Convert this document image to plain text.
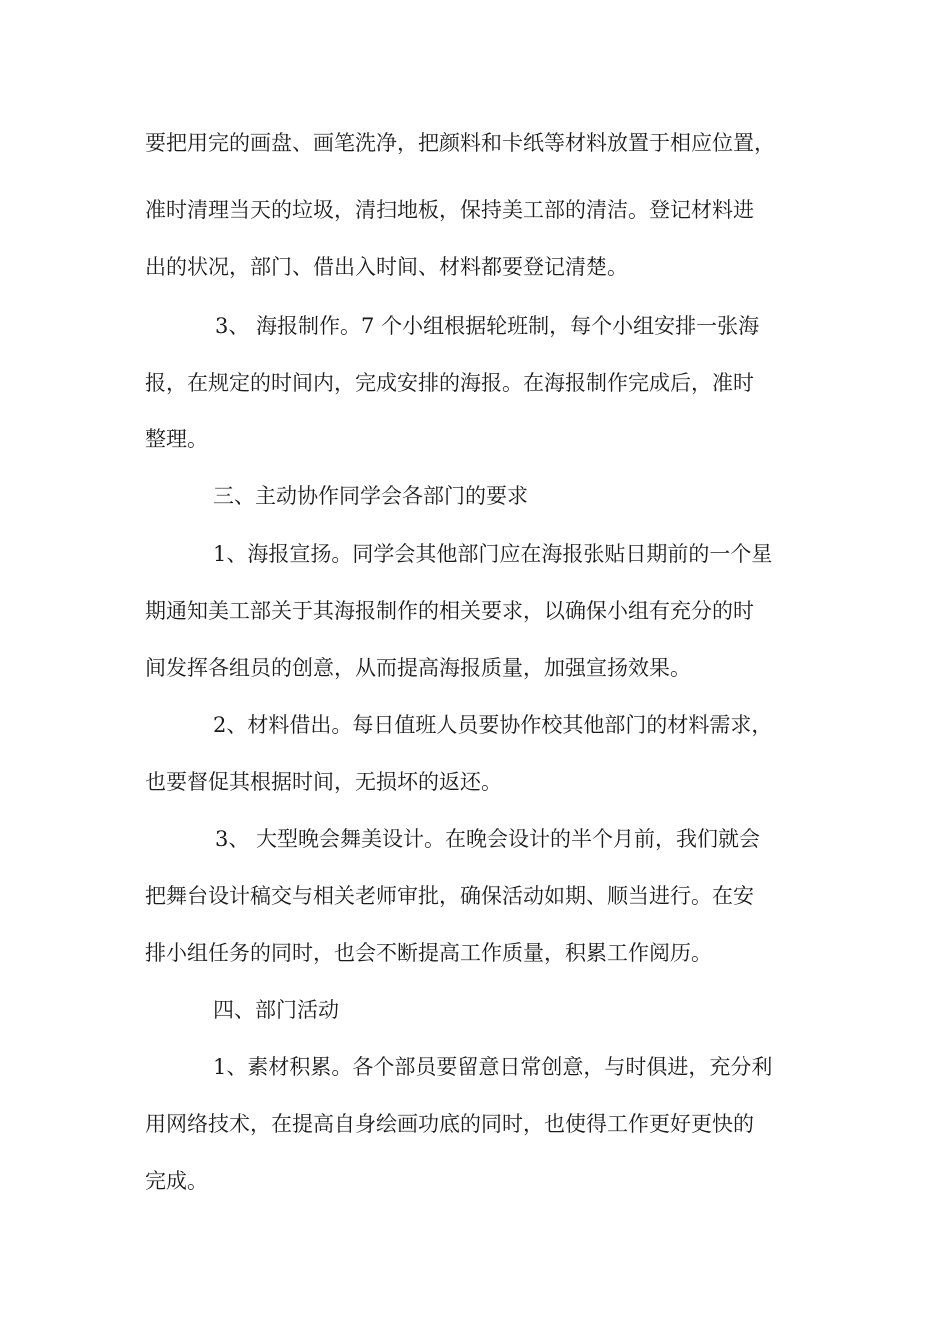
要把用完的画盘、画笔洗净，把颜料和卡纸等材料放置于相应位置，
准时清理当天的垃圾，清扫地板，保持美工部的清洁。登记材料进
出的状况，部门、借出入时间、材料都要登记清楚。
3、 海报制作。7 个小组根据轮班制，每个小组安排一张海
报，在规定的时间内，完成安排的海报。在海报制作完成后，准时
整理。
三、主动协作同学会各部门的要求
1、海报宣扬。同学会其他部门应在海报张贴日期前的一个星
期通知美工部关于其海报制作的相关要求，以确保小组有充分的时
间发挥各组员的创意，从而提高海报质量，加强宣扬效果。
2、材料借出。每日值班人员要协作校其他部门的材料需求，
也要督促其根据时间，无损坏的返还。
3、 大型晚会舞美设计。在晚会设计的半个月前，我们就会
把舞台设计稿交与相关老师审批，确保活动如期、顺当进行。在安
排小组任务的同时，也会不断提高工作质量，积累工作阅历。
四、部门活动
1、素材积累。各个部员要留意日常创意，与时俱进，充分利
用网络技术，在提高自身绘画功底的同时，也使得工作更好更快的
完成。
